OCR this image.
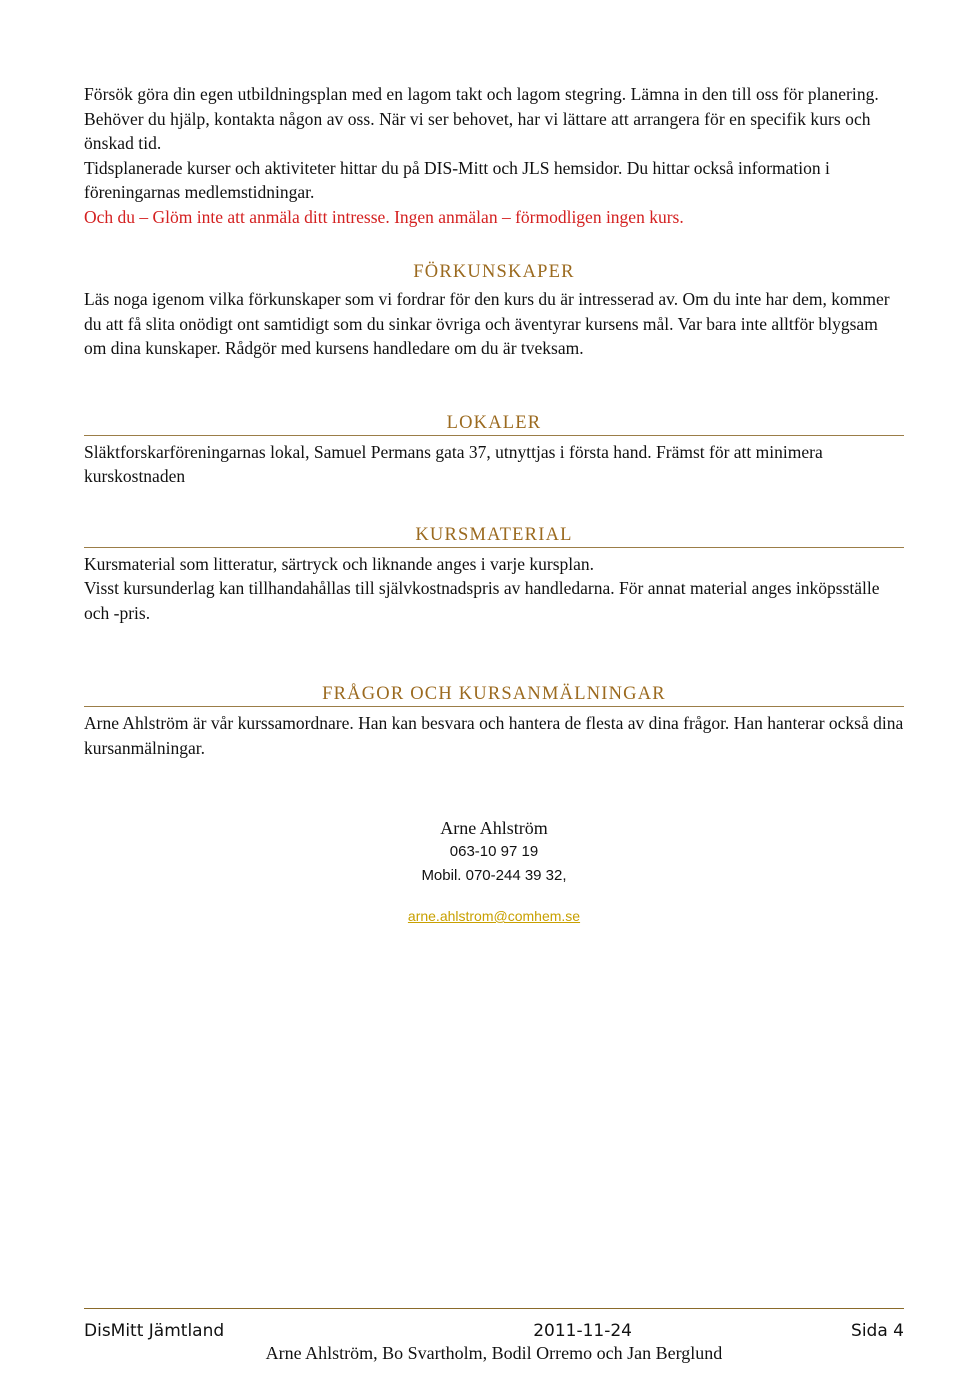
Försök göra din egen utbildningsplan med en lagom takt och lagom stegring. Lämna in den till oss för planering. Behöver du hjälp, kontakta någon av oss. När vi ser behovet, har vi lättare att arrangera för en specifik kurs och önskad tid.

Tidsplanerade kurser och aktiviteter hittar du på DIS-Mitt och JLS hemsidor. Du hittar också information i föreningarnas medlemstidningar.

Och du – Glöm inte att anmäla ditt intresse. Ingen anmälan – förmodligen ingen kurs.

FÖRKUNSKAPER

Läs noga igenom vilka förkunskaper som vi fordrar för den kurs du är intresserad av. Om du inte har dem, kommer du att få slita onödigt ont samtidigt som du sinkar övriga och äventyrar kursens mål. Var bara inte alltför blygsam om dina kunskaper. Rådgör med kursens handledare om du är tveksam.

LOKALER

Släktforskarföreningarnas lokal, Samuel Permans gata 37, utnyttjas i första hand. Främst för att minimera kurskostnaden

KURSMATERIAL

Kursmaterial som litteratur, särtryck och liknande anges i varje kursplan.

Visst kursunderlag kan tillhandahållas till självkostnadspris av handledarna. För annat material anges inköpsställe och -pris.

FRÅGOR OCH KURSANMÄLNINGAR

Arne Ahlström är vår kurssamordnare. Han kan besvara och hantera de flesta av dina frågor. Han hanterar också dina kursanmälningar.

Arne Ahlström
063-10 97 19
Mobil. 070-244 39 32,
arne.ahlstrom@comhem.se
DisMitt Jämtland	2011-11-24	Sida 4
Arne Ahlström, Bo Svartholm, Bodil Orremo och Jan Berglund
